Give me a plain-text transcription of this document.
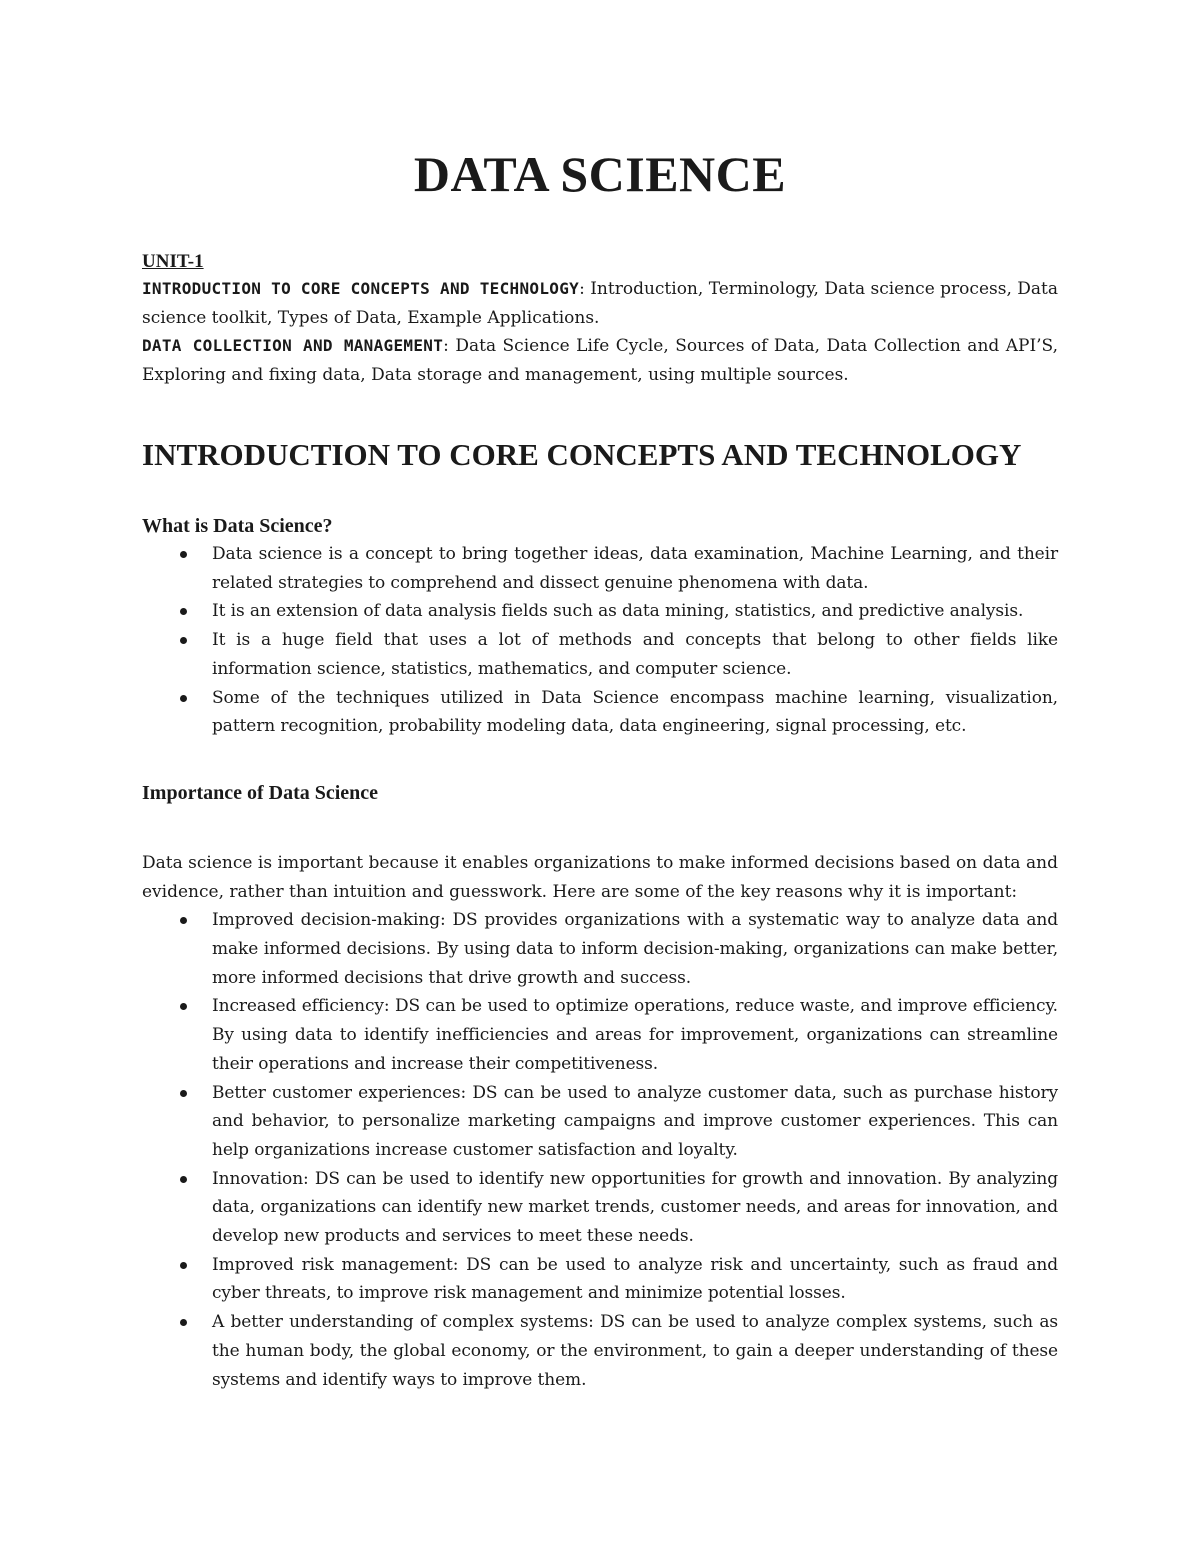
DATA SCIENCE
UNIT-1

INTRODUCTION TO CORE CONCEPTS AND TECHNOLOGY: Introduction, Terminology, Data science process, Data science toolkit, Types of Data, Example Applications.

DATA COLLECTION AND MANAGEMENT: Data Science Life Cycle, Sources of Data, Data Collection and API’S, Exploring and fixing data, Data storage and management, using multiple sources.

INTRODUCTION TO CORE CONCEPTS AND TECHNOLOGY
What is Data Science?
Data science is a concept to bring together ideas, data examination, Machine Learning, and their related strategies to comprehend and dissect genuine phenomena with data.
It is an extension of data analysis fields such as data mining, statistics, and predictive analysis.
It is a huge field that uses a lot of methods and concepts that belong to other fields like information science, statistics, mathematics, and computer science.
Some of the techniques utilized in Data Science encompass machine learning, visualization, pattern recognition, probability modeling data, data engineering, signal processing, etc.
Importance of Data Science

Data science is important because it enables organizations to make informed decisions based on data and evidence, rather than intuition and guesswork. Here are some of the key reasons why it is important:

Improved decision-making: DS provides organizations with a systematic way to analyze data and make informed decisions. By using data to inform decision-making, organizations can make better, more informed decisions that drive growth and success.
Increased efficiency: DS can be used to optimize operations, reduce waste, and improve efficiency. By using data to identify inefficiencies and areas for improvement, organizations can streamline their operations and increase their competitiveness.
Better customer experiences: DS can be used to analyze customer data, such as purchase history and behavior, to personalize marketing campaigns and improve customer experiences. This can help organizations increase customer satisfaction and loyalty.
Innovation: DS can be used to identify new opportunities for growth and innovation. By analyzing data, organizations can identify new market trends, customer needs, and areas for innovation, and develop new products and services to meet these needs.
Improved risk management: DS can be used to analyze risk and uncertainty, such as fraud and cyber threats, to improve risk management and minimize potential losses.
A better understanding of complex systems: DS can be used to analyze complex systems, such as the human body, the global economy, or the environment, to gain a deeper understanding of these systems and identify ways to improve them.
